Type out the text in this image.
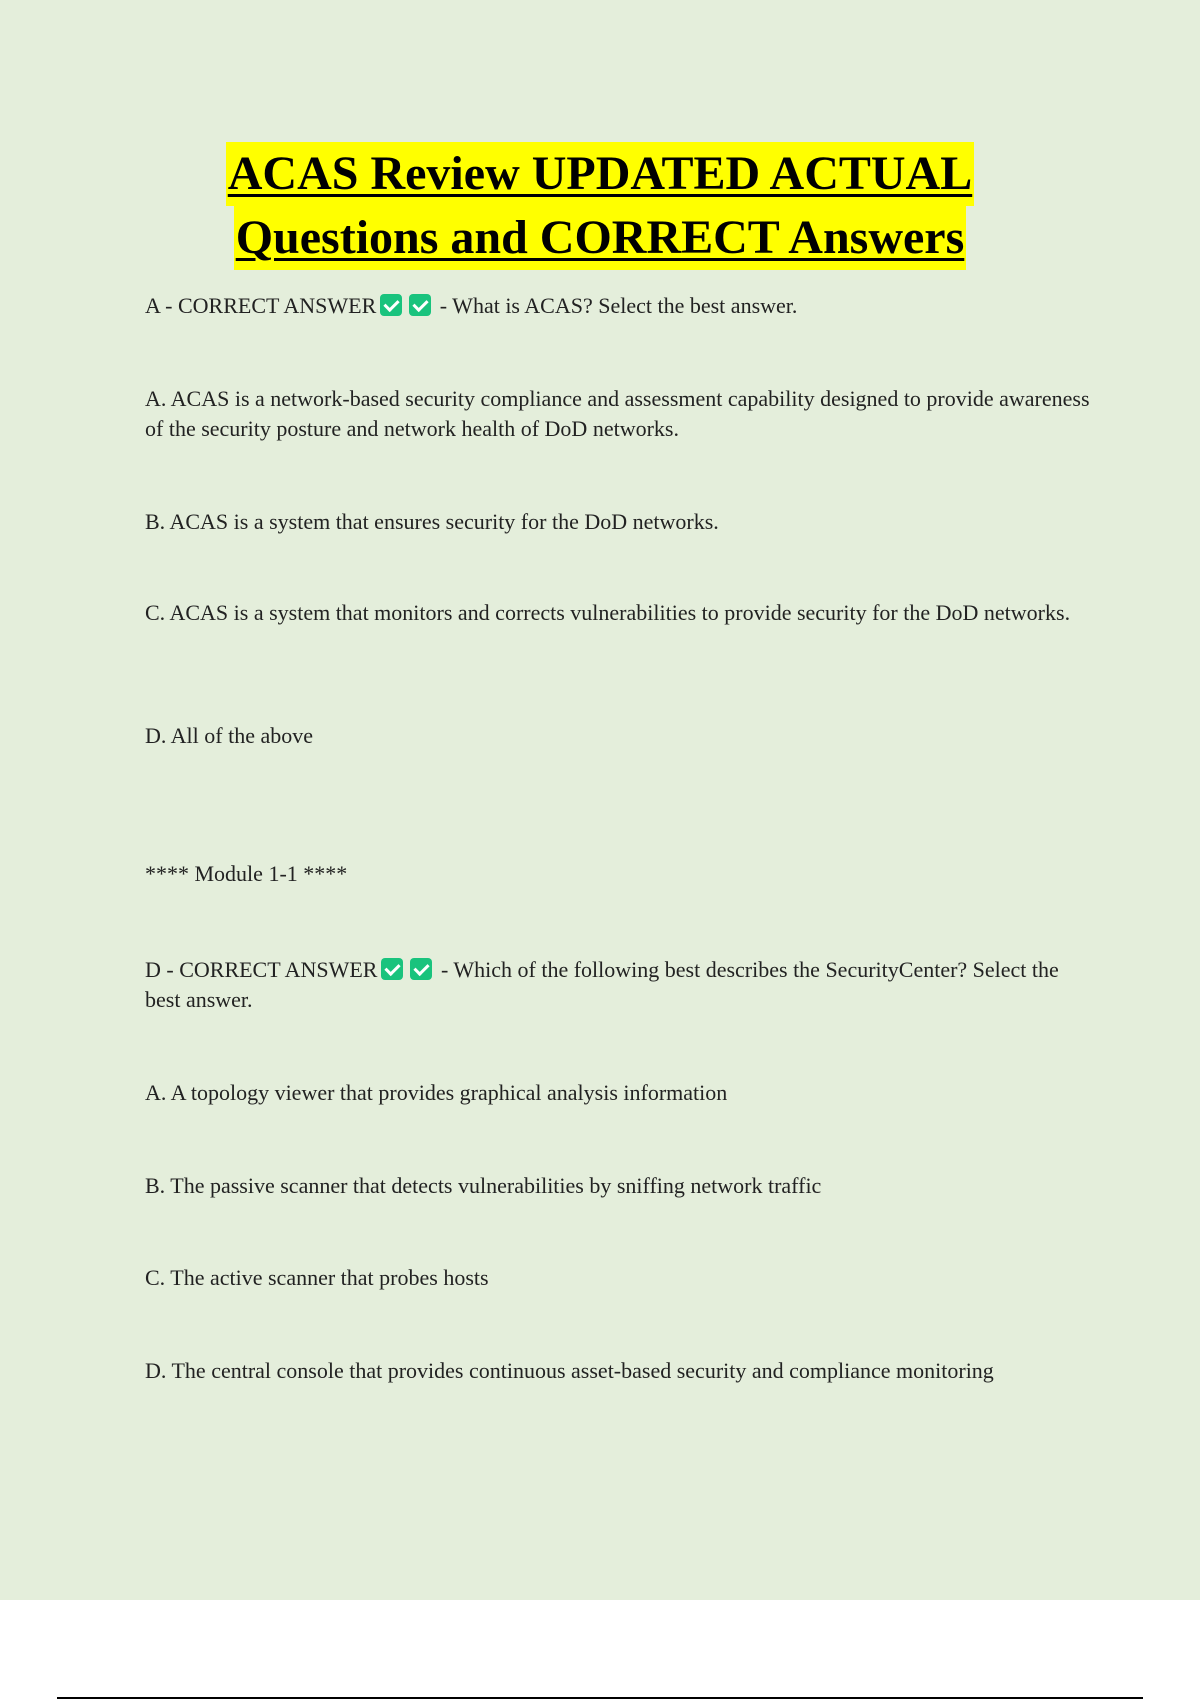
ACAS Review UPDATED ACTUAL
Questions and CORRECT Answers

A - CORRECT ANSWER	- What is ACAS? Select the best answer.

A. ACAS is a network-based security compliance and assessment capability designed to provide awareness of the security posture and network health of DoD networks.

B. ACAS is a system that ensures security for the DoD networks.

C. ACAS is a system that monitors and corrects vulnerabilities to provide security for the DoD networks.

D. All of the above

**** Module 1-1 ****

D - CORRECT ANSWER	- Which of the following best describes the SecurityCenter? Select the best answer.

A. A topology viewer that provides graphical analysis information

B. The passive scanner that detects vulnerabilities by sniffing network traffic

C. The active scanner that probes hosts

D. The central console that provides continuous asset-based security and compliance monitoring
